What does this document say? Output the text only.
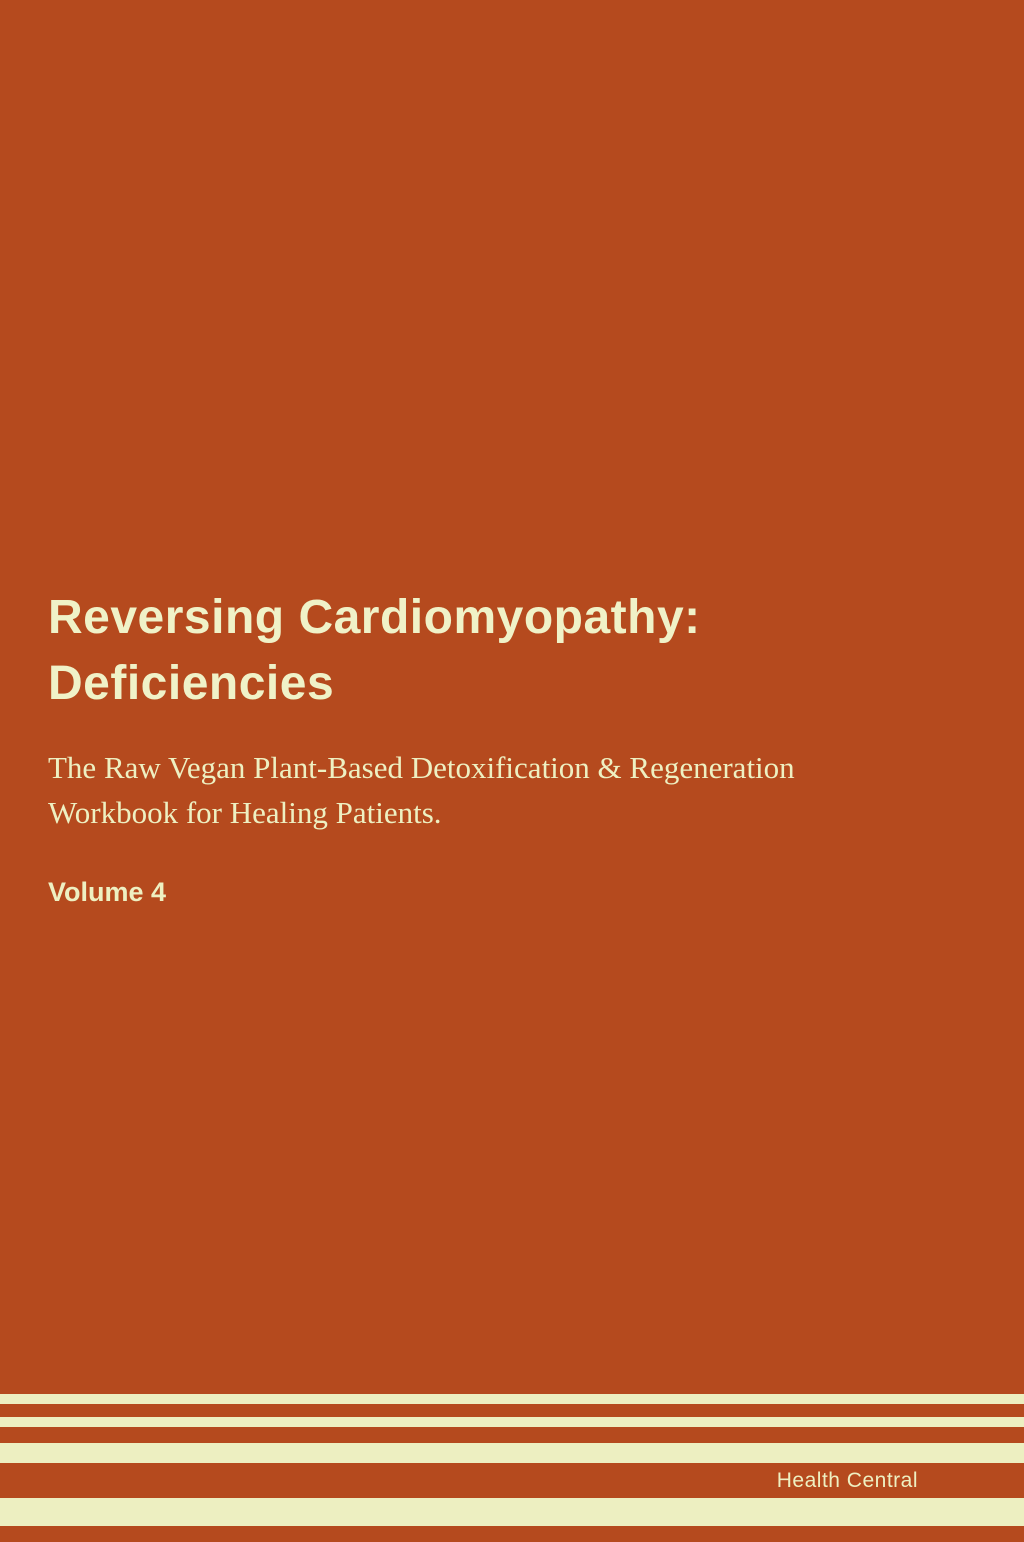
Reversing Cardiomyopathy:
Deficiencies

The Raw Vegan Plant-Based Detoxification & Regeneration Workbook for Healing Patients.

Volume 4

Health Central
